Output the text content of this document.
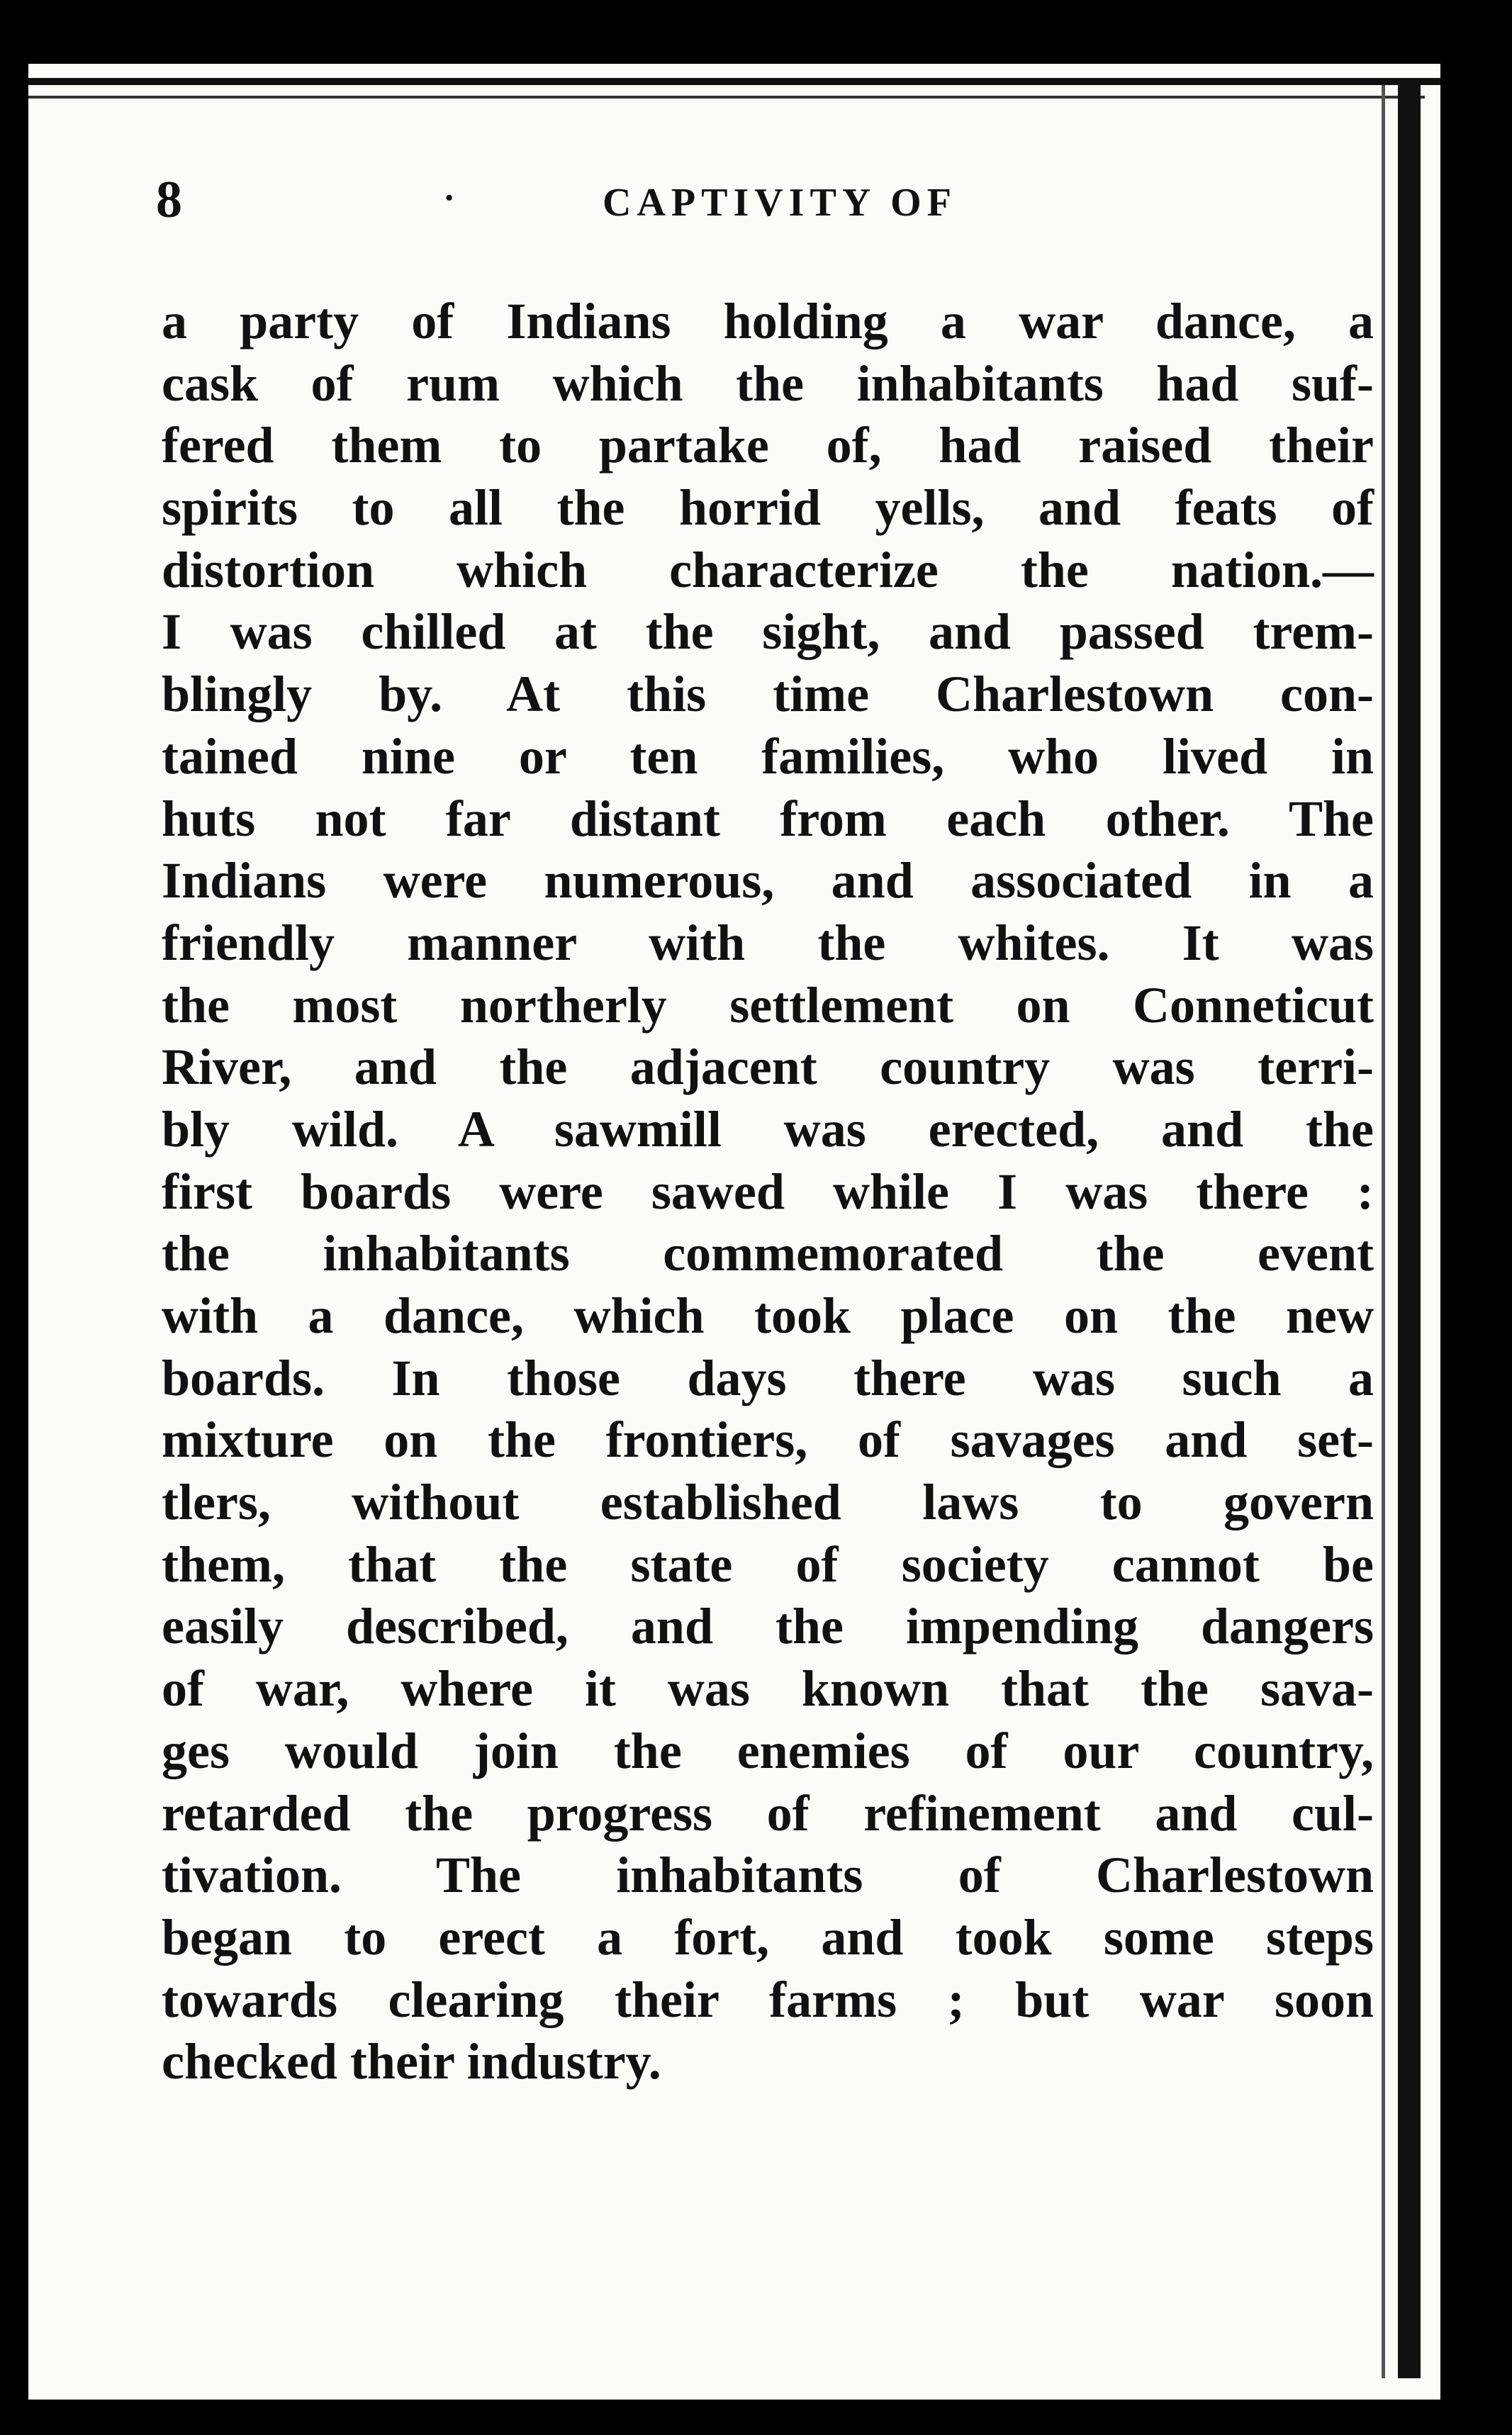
8	·	CAPTIVITY OF
a party of Indians holding a war dance, a
cask of rum which the inhabitants had suf-
fered them to partake of, had raised their
spirits to all the horrid yells, and feats of
distortion which characterize the nation.—
I was chilled at the sight, and passed trem-
blingly by. At this time Charlestown con-
tained nine or ten families, who lived in
huts not far distant from each other. The
Indians were numerous, and associated in a
friendly manner with the whites. It was
the most northerly settlement on Conneticut
River, and the adjacent country was terri-
bly wild. A sawmill was erected, and the
first boards were sawed while I was there :
the inhabitants commemorated the event
with a dance, which took place on the new
boards. In those days there was such a
mixture on the frontiers, of savages and set-
tlers, without established laws to govern
them, that the state of society cannot be
easily described, and the impending dangers
of war, where it was known that the sava-
ges would join the enemies of our country,
retarded the progress of refinement and cul-
tivation. The inhabitants of Charlestown
began to erect a fort, and took some steps
towards clearing their farms ; but war soon
checked their industry.
